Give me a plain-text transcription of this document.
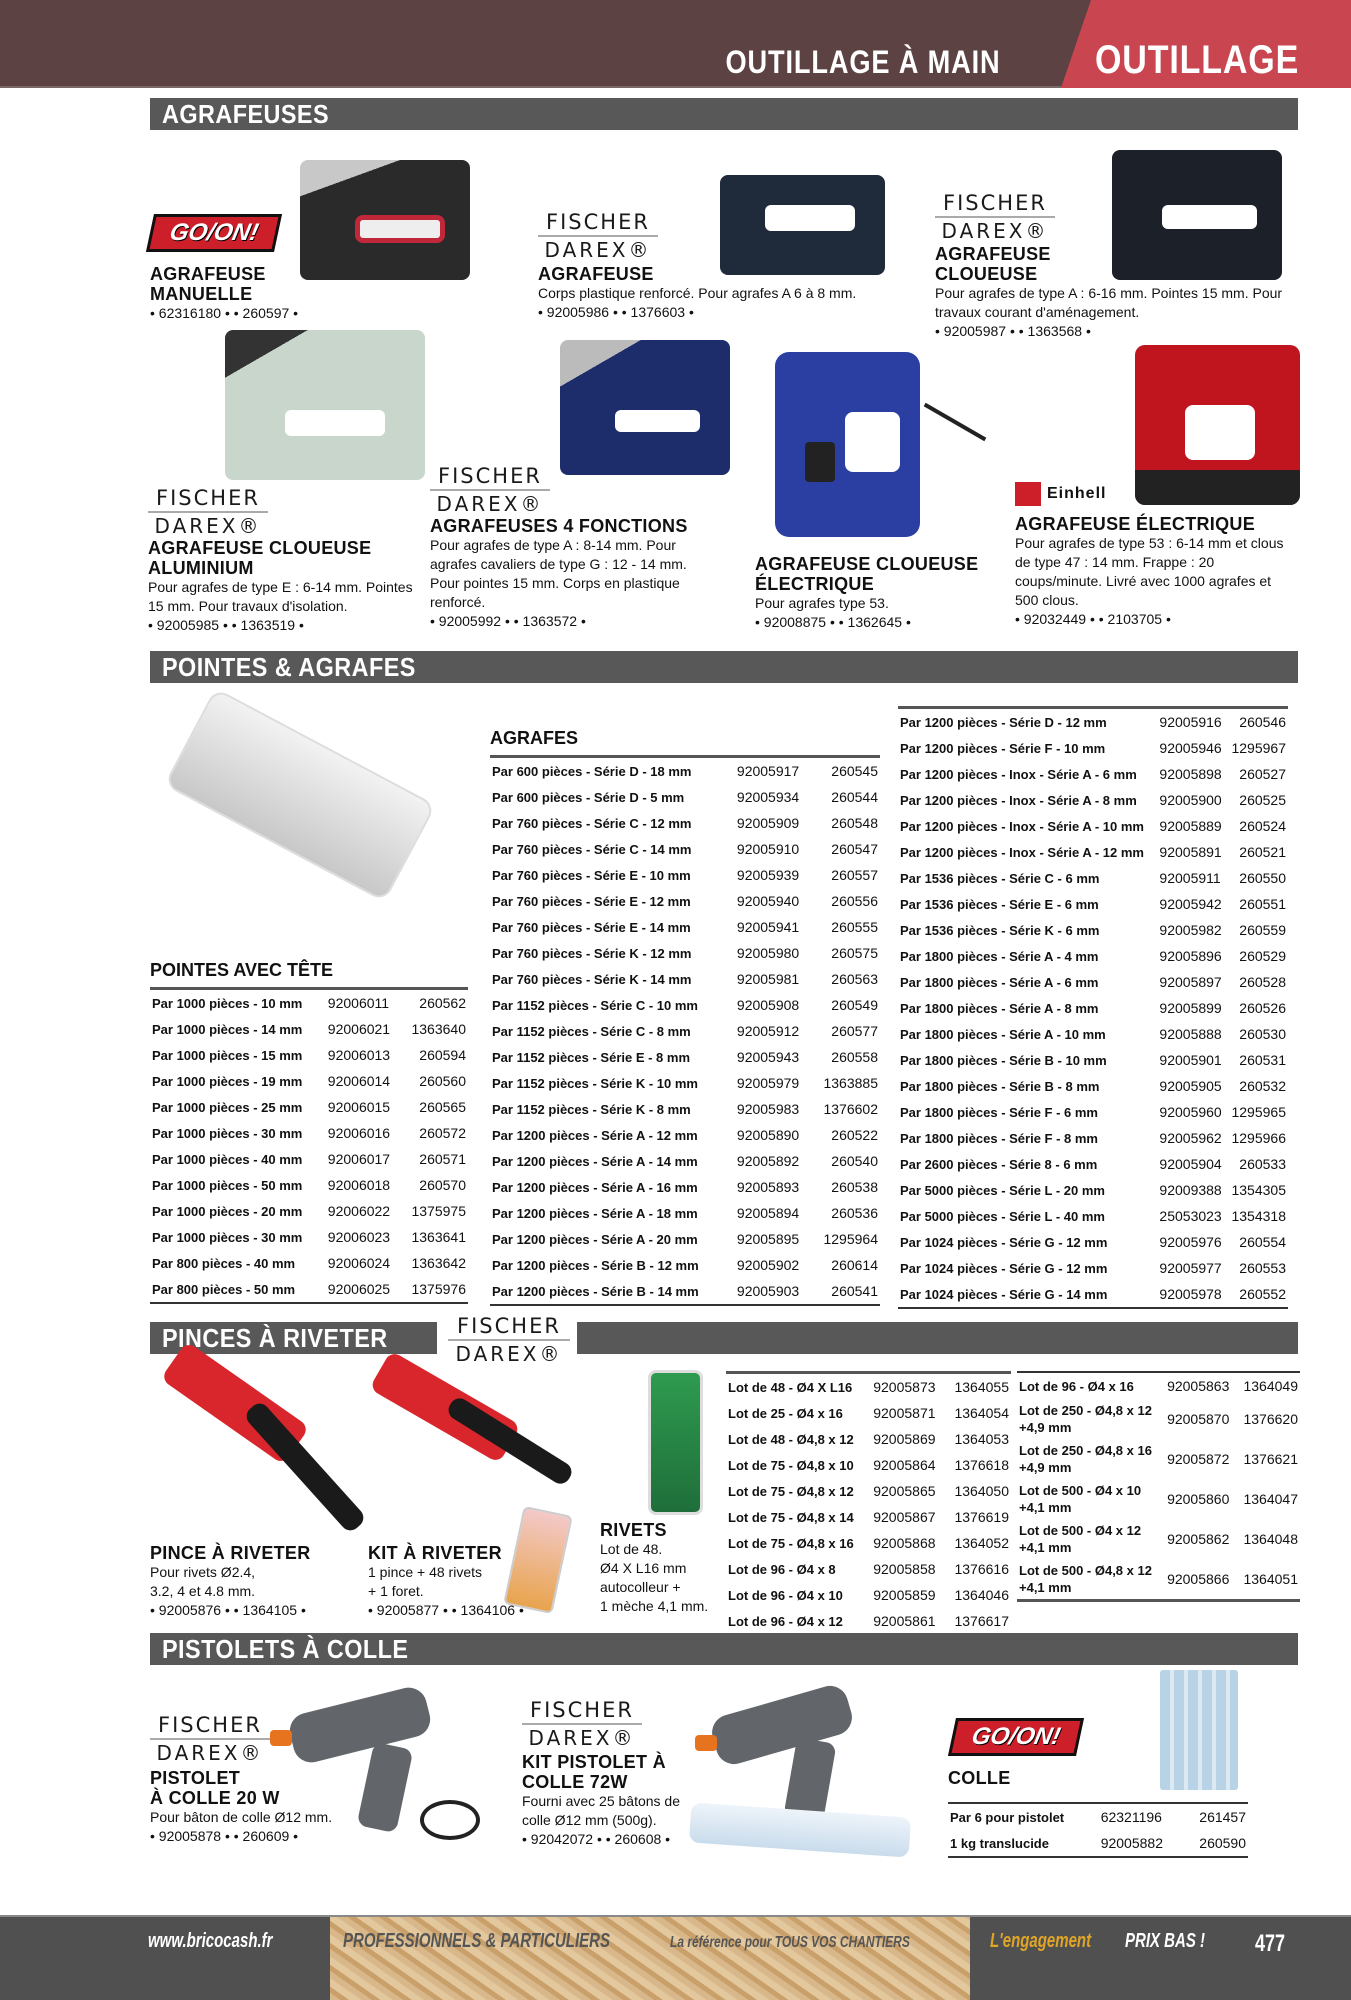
OUTILLAGE À MAIN OUTILLAGE
AGRAFEUSES
GO/ON!
AGRAFEUSE
MANUELLE
• 62316180 • • 260597 •
FISCHER
DAREX®
AGRAFEUSE
Corps plastique renforcé. Pour agrafes A 6 à 8 mm.
• 92005986 • • 1376603 •
FISCHER
DAREX®
AGRAFEUSE
CLOUEUSE
Pour agrafes de type A : 6-16 mm. Pointes 15 mm. Pour travaux courant d'aménagement.
• 92005987 • • 1363568 •
FISCHER
DAREX®
AGRAFEUSE CLOUEUSE
ALUMINIUM
Pour agrafes de type E : 6-14 mm. Pointes 15 mm. Pour travaux d'isolation.
• 92005985 • • 1363519 •
FISCHER
DAREX®
AGRAFEUSES 4 FONCTIONS
Pour agrafes de type A : 8-14 mm. Pour agrafes cavaliers de type G : 12 - 14 mm. Pour pointes 15 mm. Corps en plastique renforcé.
• 92005992 • • 1363572 •
AGRAFEUSE CLOUEUSE
ÉLECTRIQUE
Pour agrafes type 53.
• 92008875 • • 1362645 •
Einhell
AGRAFEUSE ÉLECTRIQUE
Pour agrafes de type 53 : 6-14 mm et clous de type 47 : 14 mm. Frappe : 20 coups/minute. Livré avec 1000 agrafes et 500 clous.
• 92032449 • • 2103705 •
POINTES & AGRAFES
POINTES AVEC TÊTE
Par 1000 pièces - 10 mm	92006011	260562
Par 1000 pièces - 14 mm	92006021	1363640
Par 1000 pièces - 15 mm	92006013	260594
Par 1000 pièces - 19 mm	92006014	260560
Par 1000 pièces - 25 mm	92006015	260565
Par 1000 pièces - 30 mm	92006016	260572
Par 1000 pièces - 40 mm	92006017	260571
Par 1000 pièces - 50 mm	92006018	260570
Par 1000 pièces - 20 mm	92006022	1375975
Par 1000 pièces - 30 mm	92006023	1363641
Par 800 pièces - 40 mm	92006024	1363642
Par 800 pièces - 50 mm	92006025	1375976
AGRAFES
Par 600 pièces - Série D - 18 mm	92005917	260545
Par 600 pièces - Série D - 5 mm	92005934	260544
Par 760 pièces - Série C - 12 mm	92005909	260548
Par 760 pièces - Série C - 14 mm	92005910	260547
Par 760 pièces - Série E - 10 mm	92005939	260557
Par 760 pièces - Série E - 12 mm	92005940	260556
Par 760 pièces - Série E - 14 mm	92005941	260555
Par 760 pièces - Série K - 12 mm	92005980	260575
Par 760 pièces - Série K - 14 mm	92005981	260563
Par 1152 pièces - Série C - 10 mm	92005908	260549
Par 1152 pièces - Série C - 8 mm	92005912	260577
Par 1152 pièces - Série E - 8 mm	92005943	260558
Par 1152 pièces - Série K - 10 mm	92005979	1363885
Par 1152 pièces - Série K - 8 mm	92005983	1376602
Par 1200 pièces - Série A - 12 mm	92005890	260522
Par 1200 pièces - Série A - 14 mm	92005892	260540
Par 1200 pièces - Série A - 16 mm	92005893	260538
Par 1200 pièces - Série A - 18 mm	92005894	260536
Par 1200 pièces - Série A - 20 mm	92005895	1295964
Par 1200 pièces - Série B - 12 mm	92005902	260614
Par 1200 pièces - Série B - 14 mm	92005903	260541
Par 1200 pièces - Série D - 12 mm	92005916	260546
Par 1200 pièces - Série F - 10 mm	92005946	1295967
Par 1200 pièces - Inox - Série A - 6 mm	92005898	260527
Par 1200 pièces - Inox - Série A - 8 mm	92005900	260525
Par 1200 pièces - Inox - Série A - 10 mm	92005889	260524
Par 1200 pièces - Inox - Série A - 12 mm	92005891	260521
Par 1536 pièces - Série C - 6 mm	92005911	260550
Par 1536 pièces - Série E - 6 mm	92005942	260551
Par 1536 pièces - Série K - 6 mm	92005982	260559
Par 1800 pièces - Série A - 4 mm	92005896	260529
Par 1800 pièces - Série A - 6 mm	92005897	260528
Par 1800 pièces - Série A - 8 mm	92005899	260526
Par 1800 pièces - Série A - 10 mm	92005888	260530
Par 1800 pièces - Série B - 10 mm	92005901	260531
Par 1800 pièces - Série B - 8 mm	92005905	260532
Par 1800 pièces - Série F - 6 mm	92005960	1295965
Par 1800 pièces - Série F - 8 mm	92005962	1295966
Par 2600 pièces - Série 8 - 6 mm	92005904	260533
Par 5000 pièces - Série L - 20 mm	92009388	1354305
Par 5000 pièces - Série L - 40 mm	25053023	1354318
Par 1024 pièces - Série G - 12 mm	92005976	260554
Par 1024 pièces - Série G - 12 mm	92005977	260553
Par 1024 pièces - Série G - 14 mm	92005978	260552
PINCES À RIVETER	FISCHER
DAREX®
PINCE À RIVETER
Pour rivets Ø2.4,
3.2, 4 et 4.8 mm.
• 92005876 • • 1364105 •
KIT À RIVETER
1 pince + 48 rivets
+ 1 foret.
• 92005877 • • 1364106 •
RIVETS
Lot de 48.
Ø4 X L16 mm
autocolleur +
1 mèche 4,1 mm.
Lot de 48 - Ø4 X L16	92005873	1364055
Lot de 25 - Ø4 x 16	92005871	1364054
Lot de 48 - Ø4,8 x 12	92005869	1364053
Lot de 75 - Ø4,8 x 10	92005864	1376618
Lot de 75 - Ø4,8 x 12	92005865	1364050
Lot de 75 - Ø4,8 x 14	92005867	1376619
Lot de 75 - Ø4,8 x 16	92005868	1364052
Lot de 96 - Ø4 x 8	92005858	1376616
Lot de 96 - Ø4 x 10	92005859	1364046
Lot de 96 - Ø4 x 12	92005861	1376617
Lot de 96 - Ø4 x 16	92005863	1364049

Lot de 250 - Ø4,8 x 12
+4,9 mm	92005870	1376620

Lot de 250 - Ø4,8 x 16
+4,9 mm	92005872	1376621

Lot de 500 - Ø4 x 10
+4,1 mm	92005860	1364047

Lot de 500 - Ø4 x 12
+4,1 mm	92005862	1364048

Lot de 500 - Ø4,8 x 12
+4,1 mm	92005866	1364051
PISTOLETS À COLLE
FISCHER
DAREX®
PISTOLET
À COLLE 20 W
Pour bâton de colle Ø12 mm.
• 92005878 • • 260609 •
FISCHER
DAREX®
KIT PISTOLET À
COLLE 72W
Fourni avec 25 bâtons de
colle Ø12 mm (500g).
• 92042072 • • 260608 •
GO/ON!
COLLE
Par 6 pour pistolet	62321196	261457
1 kg translucide	92005882	260590
www.bricocash.fr	PROFESSIONNELS & PARTICULIERS	La référence pour TOUS VOS CHANTIERS	L'engagement PRIX BAS ! 477
